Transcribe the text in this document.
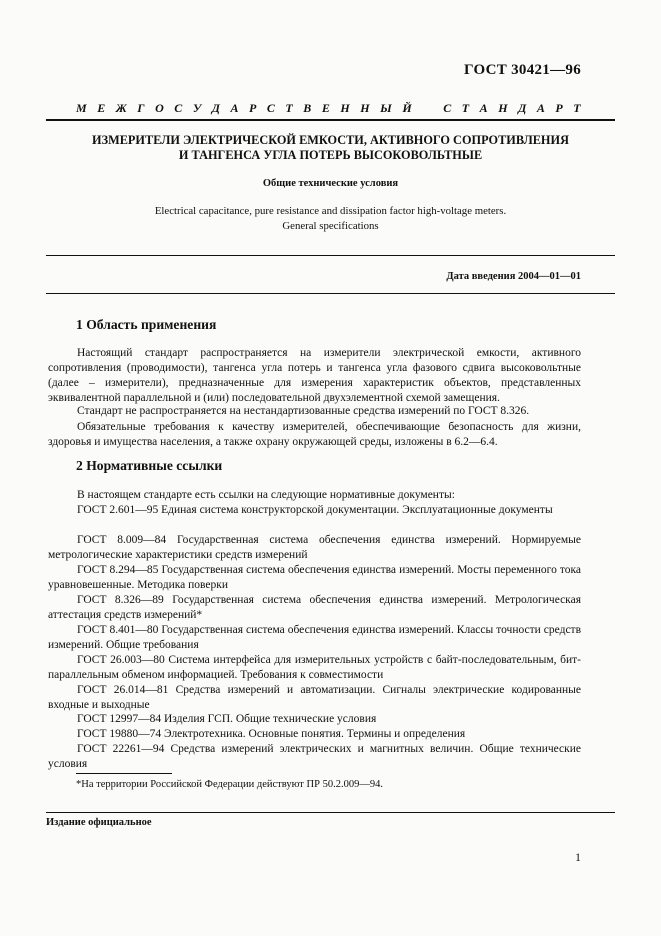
ГОСТ 30421—96
М Е Ж Г О С У Д А Р С Т В Е Н Н Ы Й	С Т А Н Д А Р Т
ИЗМЕРИТЕЛИ ЭЛЕКТРИЧЕСКОЙ ЕМКОСТИ, АКТИВНОГО СОПРОТИВЛЕНИЯ
И ТАНГЕНСА УГЛА ПОТЕРЬ ВЫСОКОВОЛЬТНЫЕ
Общие технические условия
Electrical capacitance, pure resistance and dissipation factor high-voltage meters.
General specifications
Дата введения 2004—01—01
1 Область применения
Настоящий стандарт распространяется на измерители электрической емкости, активного сопротивления (проводимости), тангенса угла потерь и тангенса угла фазового сдвига высоковольтные (далее – измерители), предназначенные для измерения характеристик объектов, представленных эквивалентной параллельной и (или) последовательной двухэлементной схемой замещения.
Стандарт не распространяется на нестандартизованные средства измерений по ГОСТ 8.326.
Обязательные требования к качеству измерителей, обеспечивающие безопасность для жизни, здоровья и имущества населения, а также охрану окружающей среды, изложены в 6.2—6.4.
2 Нормативные ссылки
В настоящем стандарте есть ссылки на следующие нормативные документы:
ГОСТ 2.601—95 Единая система конструкторской документации. Эксплуатационные документы
ГОСТ 8.009—84 Государственная система обеспечения единства измерений. Нормируемые метрологические характеристики средств измерений
ГОСТ 8.294—85 Государственная система обеспечения единства измерений. Мосты переменного тока уравновешенные. Методика поверки
ГОСТ 8.326—89 Государственная система обеспечения единства измерений. Метрологическая аттестация средств измерений*
ГОСТ 8.401—80 Государственная система обеспечения единства измерений. Классы точности средств измерений. Общие требования
ГОСТ 26.003—80 Система интерфейса для измерительных устройств с байт-последовательным, бит-параллельным обменом информацией. Требования к совместимости
ГОСТ 26.014—81 Средства измерений и автоматизации. Сигналы электрические кодированные входные и выходные
ГОСТ 12997—84 Изделия ГСП. Общие технические условия
ГОСТ 19880—74 Электротехника. Основные понятия. Термины и определения
ГОСТ 22261—94 Средства измерений электрических и магнитных величин. Общие технические условия
*На территории Российской Федерации действуют ПР 50.2.009—94.
Издание официальное
1
